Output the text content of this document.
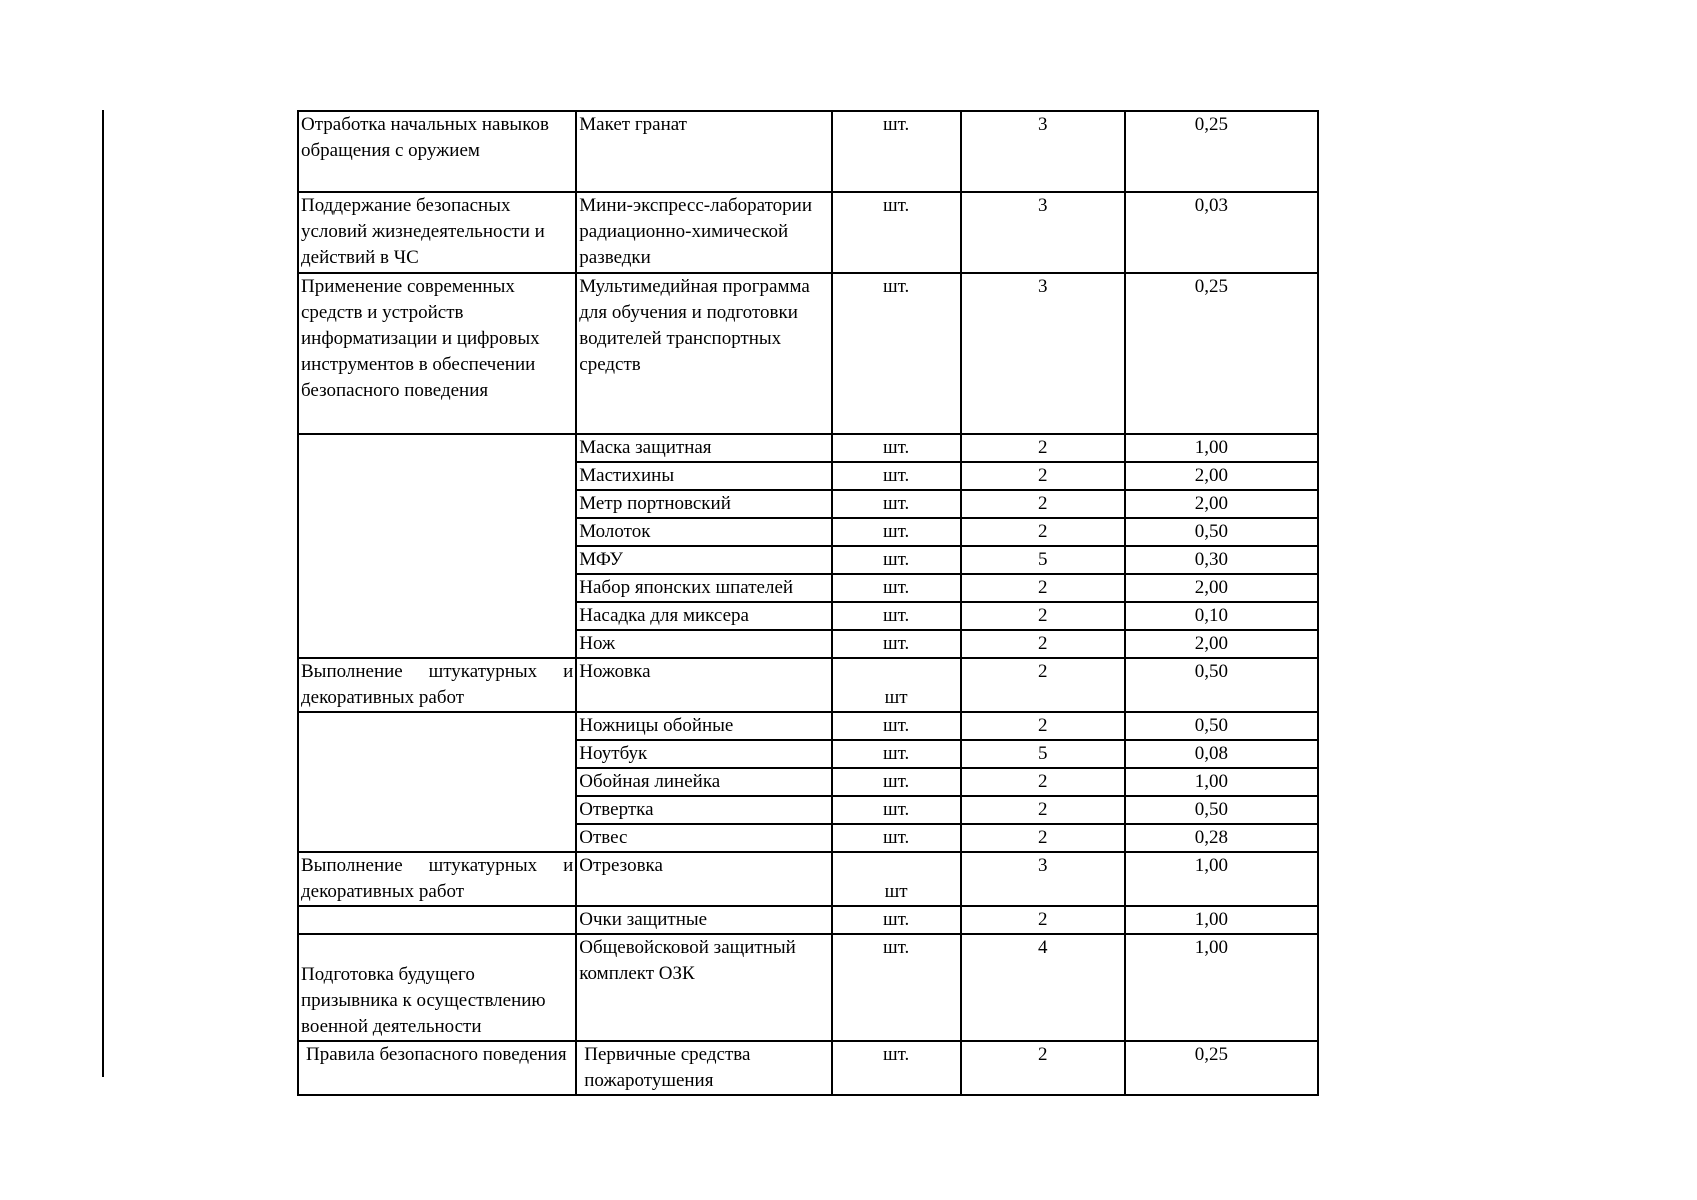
Отработка начальных навыков обращения с оружием	Макет гранат	шт.	3	0,25
Поддержание безопасных условий жизнедеятельности и действий в ЧС	Мини-экспресс-лаборатории радиационно-химической разведки	шт.	3	0,03
Применение современных средств и устройств информатизации и цифровых инструментов в обеспечении безопасного поведения	Мультимедийная программа для обучения и подготовки водителей транспортных средств	шт.	3	0,25
	Маска защитная	шт.	2	1,00
	Мастихины	шт.	2	2,00
	Метр портновский	шт.	2	2,00
	Молоток	шт.	2	0,50
	МФУ	шт.	5	0,30
	Набор японских шпателей	шт.	2	2,00
	Насадка для миксера	шт.	2	0,10
	Нож	шт.	2	2,00
Выполнение штукатурных и декоративных работ	Ножовка	шт	2	0,50
	Ножницы обойные	шт.	2	0,50
	Ноутбук	шт.	5	0,08
	Обойная линейка	шт.	2	1,00
	Отвертка	шт.	2	0,50
	Отвес	шт.	2	0,28
Выполнение штукатурных и декоративных работ	Отрезовка	шт	3	1,00
	Очки защитные	шт.	2	1,00
Подготовка будущего призывника к осуществлению военной деятельности	Общевойсковой защитный комплект ОЗК	шт.	4	1,00
Правила безопасного поведения	Первичные средства пожаротушения	шт.	2	0,25
